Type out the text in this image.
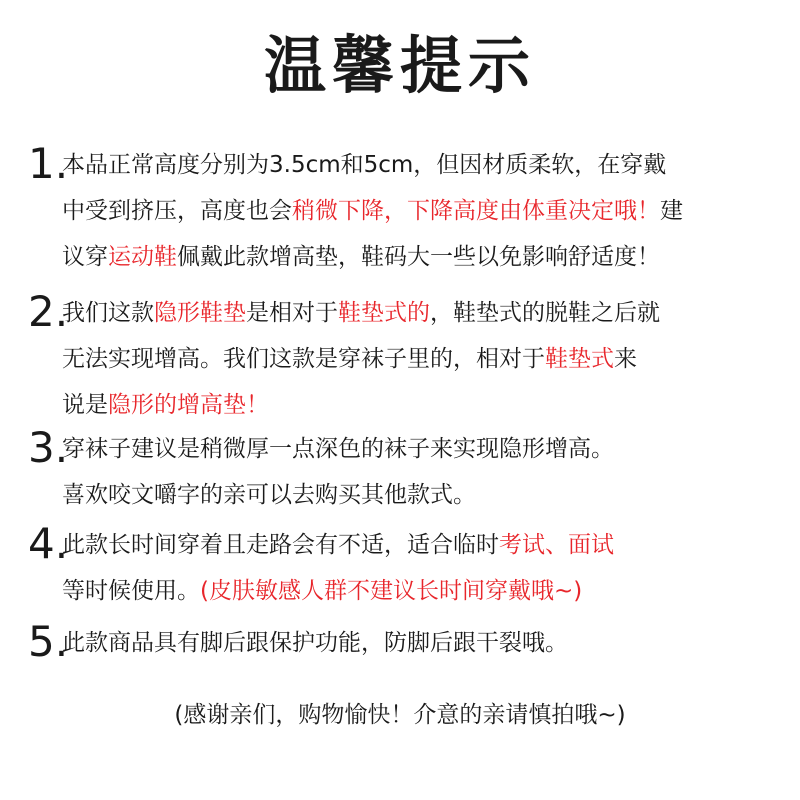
温馨提示
1.
本品正常高度分别为3.5cm和5cm，但因材质柔软，在穿戴
中受到挤压，高度也会稍微下降，下降高度由体重决定哦！建
议穿运动鞋佩戴此款增高垫，鞋码大一些以免影响舒适度！
2.
我们这款隐形鞋垫是相对于鞋垫式的，鞋垫式的脱鞋之后就
无法实现增高。我们这款是穿袜子里的，相对于鞋垫式来
说是隐形的增高垫！
3.
穿袜子建议是稍微厚一点深色的袜子来实现隐形增高。
喜欢咬文嚼字的亲可以去购买其他款式。
4.
此款长时间穿着且走路会有不适，适合临时考试、面试
等时候使用。(皮肤敏感人群不建议长时间穿戴哦~)
5.
此款商品具有脚后跟保护功能，防脚后跟干裂哦。
(感谢亲们，购物愉快！介意的亲请慎拍哦~)
